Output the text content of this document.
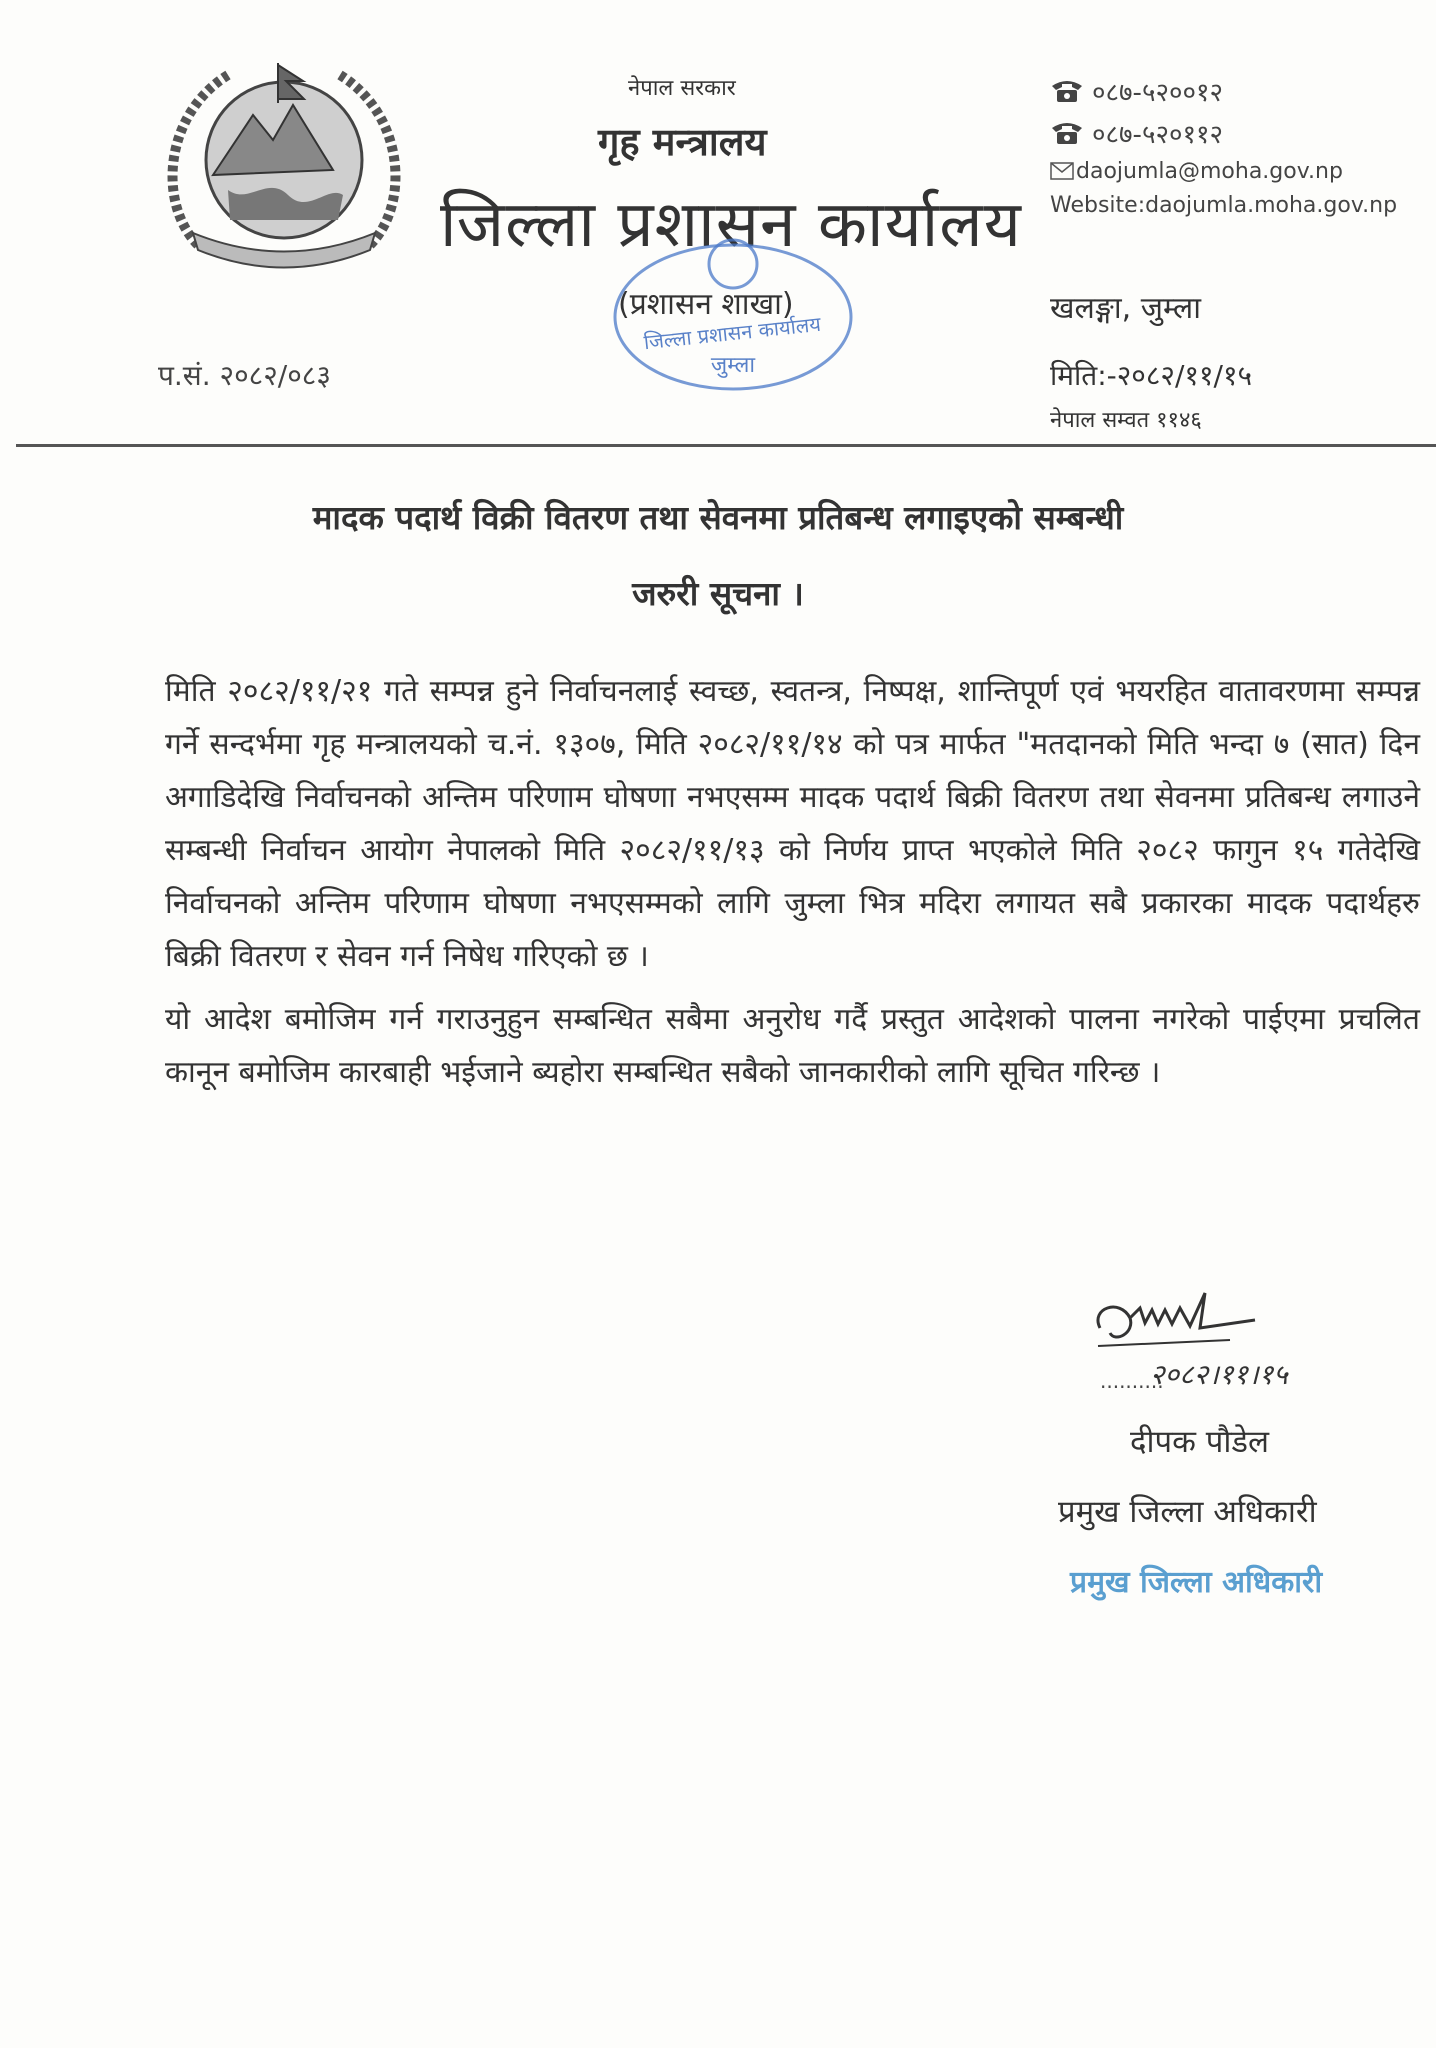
नेपाल सरकार
गृह मन्त्रालय
जिल्ला प्रशासन कार्यालय
(प्रशासन शाखा)
प.सं. २०८२/०८३
जिल्ला प्रशासन कार्यालय
जुम्ला
०८७-५२००१२
०८७-५२०११२
daojumla@moha.gov.np
Website:daojumla.moha.gov.np
खलङ्गा, जुम्ला
मिति:-२०८२/११/१५
नेपाल सम्वत ११४६
मादक पदार्थ विक्री वितरण तथा सेवनमा प्रतिबन्ध लगाइएको सम्बन्धी
जरुरी सूचना ।

मिति २०८२/११/२१ गते सम्पन्न हुने निर्वाचनलाई स्वच्छ, स्वतन्त्र, निष्पक्ष, शान्तिपूर्ण एवं भयरहित वातावरणमा सम्पन्न गर्ने सन्दर्भमा गृह मन्त्रालयको च.नं. १३०७, मिति २०८२/११/१४ को पत्र मार्फत "मतदानको मिति भन्दा ७ (सात) दिन अगाडिदेखि निर्वाचनको अन्तिम परिणाम घोषणा नभएसम्म मादक पदार्थ बिक्री वितरण तथा सेवनमा प्रतिबन्ध लगाउने सम्बन्धी निर्वाचन आयोग नेपालको मिति २०८२/११/१३ को निर्णय प्राप्त भएकोले मिति २०८२ फागुन १५ गतेदेखि निर्वाचनको अन्तिम परिणाम घोषणा नभएसम्मको लागि जुम्ला भित्र मदिरा लगायत सबै प्रकारका मादक पदार्थहरु बिक्री वितरण र सेवन गर्न निषेध गरिएको छ ।

यो आदेश बमोजिम गर्न गराउनुहुन सम्बन्धित सबैमा अनुरोध गर्दै प्रस्तुत आदेशको पालना नगरेको पाईएमा प्रचलित कानून बमोजिम कारबाही भईजाने ब्यहोरा सम्बन्धित सबैको जानकारीको लागि सूचित गरिन्छ ।

..........
२०८२।११।१५
दीपक पौडेल
प्रमुख जिल्ला अधिकारी
प्रमुख जिल्ला अधिकारी
